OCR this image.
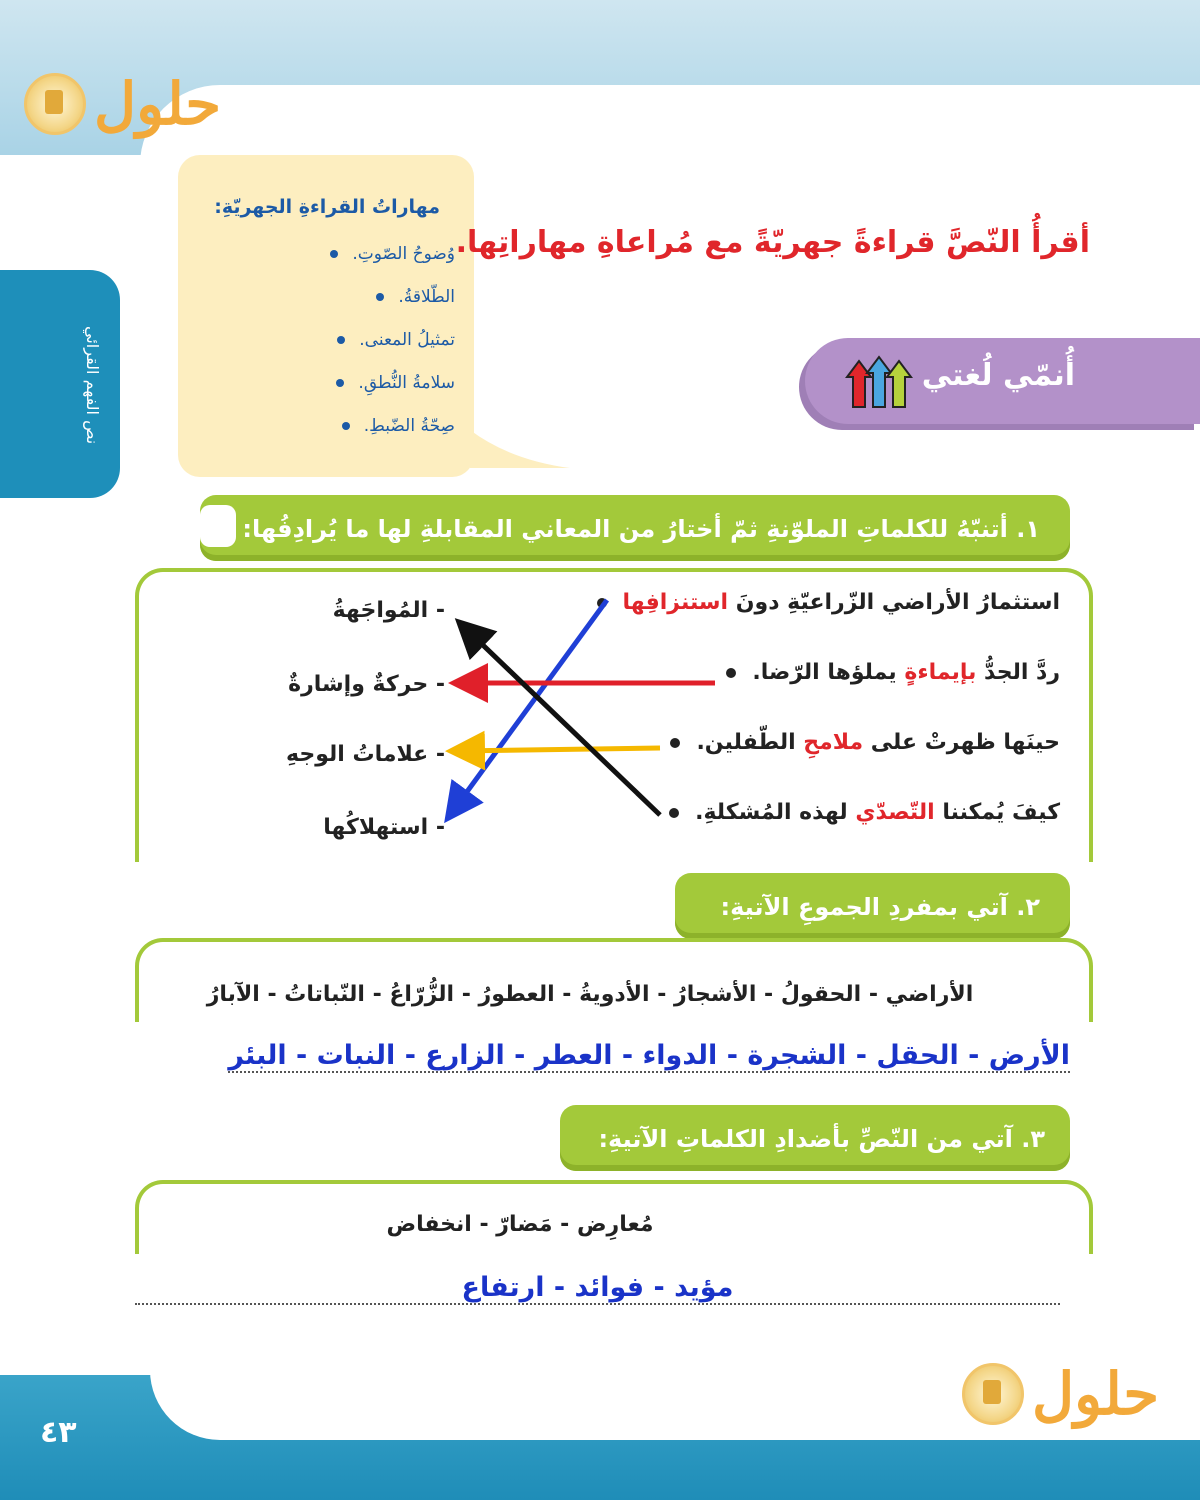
٤٣
حلول
حلول
نص الفهم القرائي
مهاراتُ القراءةِ الجهريّةِ:
وُضوحُ الصّوتِ.
الطّلاقةُ.
تمثيلُ المعنى.
سلامةُ النُّطقِ.
صِحّةُ الضّبطِ.
أقرأُ النّصَّ قراءةً جهريّةً مع مُراعاةِ مهاراتِها.
أُنمّي لُغتي
١. أتنبّهُ للكلماتِ الملوّنةِ ثمّ أختارُ من المعاني المقابلةِ لها ما يُرادِفُها:
استثمارُ الأراضي الزّراعيّةِ دونَ استنزافِها
ردَّ الجدُّ بإيماءةٍ يملؤها الرّضا.
حينَها ظهرتْ على ملامحِ الطّفلين.
كيفَ يُمكننا التّصدّي لهذه المُشكلةِ.
- المُواجَهةُ
- حركةٌ وإشارةٌ
- علاماتُ الوجهِ
- استهلاكُها
٢. آتي بمفردِ الجموعِ الآتيةِ:
الأراضي - الحقولُ - الأشجارُ - الأدويةُ - العطورُ - الزُّرّاعُ - النّباتاتُ - الآبارُ
الأرض - الحقل - الشجرة - الدواء - العطر - الزارع - النبات - البئر
٣. آتي من النّصِّ بأضدادِ الكلماتِ الآتيةِ:
مُعارِض - مَضارّ - انخفاض
مؤيد - فوائد - ارتفاع
